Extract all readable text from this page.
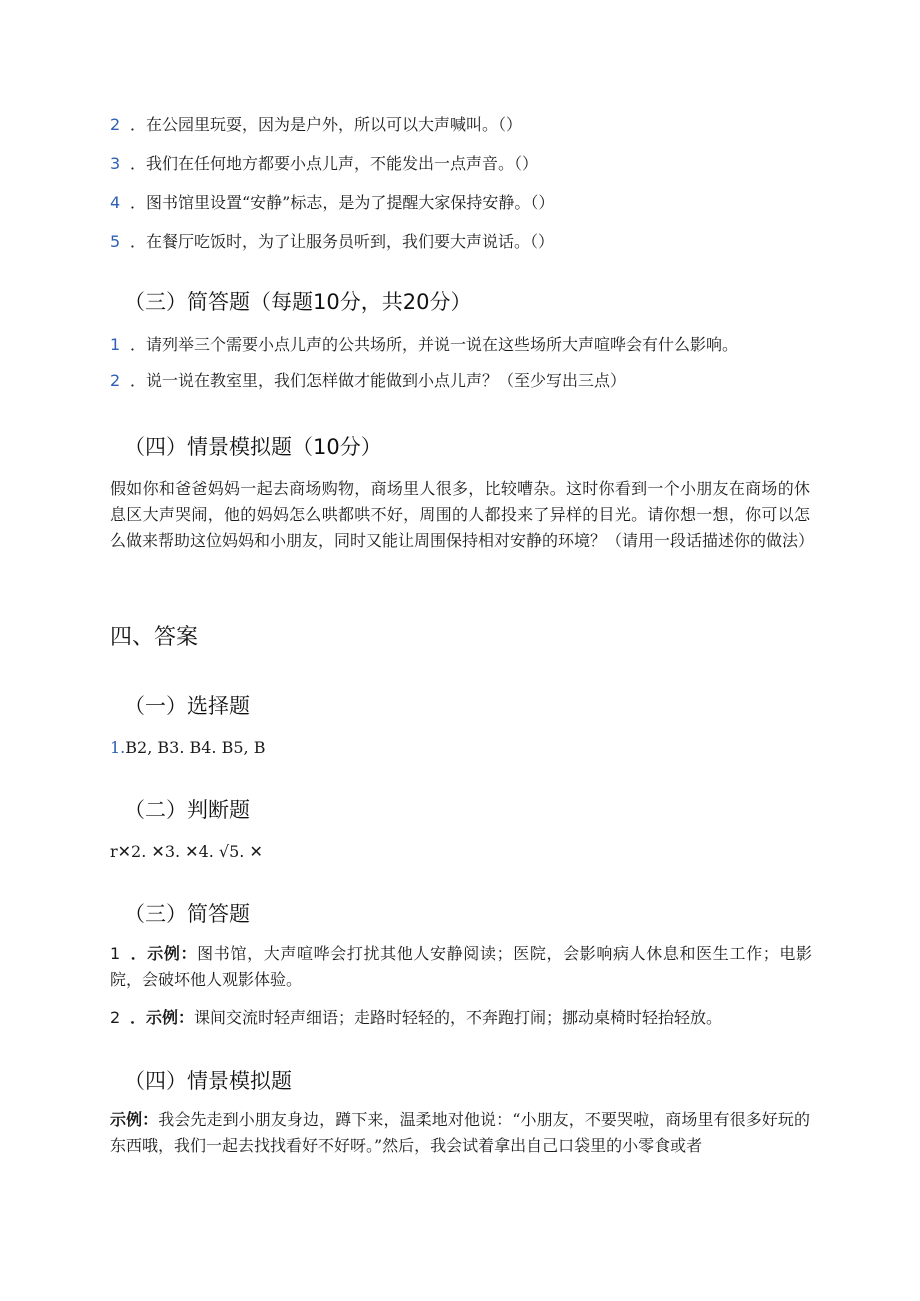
2 ．在公园里玩耍，因为是户外，所以可以大声喊叫。（）
3 ．我们在任何地方都要小点儿声，不能发出一点声音。（）
4 ．图书馆里设置“安静”标志，是为了提醒大家保持安静。（）
5 ．在餐厅吃饭时，为了让服务员听到，我们要大声说话。（）
（三）简答题（每题10分，共20分）
1 ．请列举三个需要小点儿声的公共场所，并说一说在这些场所大声喧哗会有什么影响。
2 ．说一说在教室里，我们怎样做才能做到小点儿声？（至少写出三点）
（四）情景模拟题（10分）
假如你和爸爸妈妈一起去商场购物，商场里人很多，比较嘈杂。这时你看到一个小朋友在商场的休息区大声哭闹，他的妈妈怎么哄都哄不好，周围的人都投来了异样的目光。请你想一想，你可以怎么做来帮助这位妈妈和小朋友，同时又能让周围保持相对安静的环境？（请用一段话描述你的做法）
四、答案
（一）选择题
1.B2, B3. B4. B5, B
（二）判断题
r✕2. ✕3. ✕4. √5. ✕
（三）简答题
1 ．示例：图书馆，大声喧哗会打扰其他人安静阅读；医院，会影响病人休息和医生工作；电影院，会破坏他人观影体验。
2 ．示例：课间交流时轻声细语；走路时轻轻的，不奔跑打闹；挪动桌椅时轻抬轻放。
（四）情景模拟题
示例：我会先走到小朋友身边，蹲下来，温柔地对他说：“小朋友，不要哭啦，商场里有很多好玩的东西哦，我们一起去找找看好不好呀。”然后，我会试着拿出自己口袋里的小零食或者
